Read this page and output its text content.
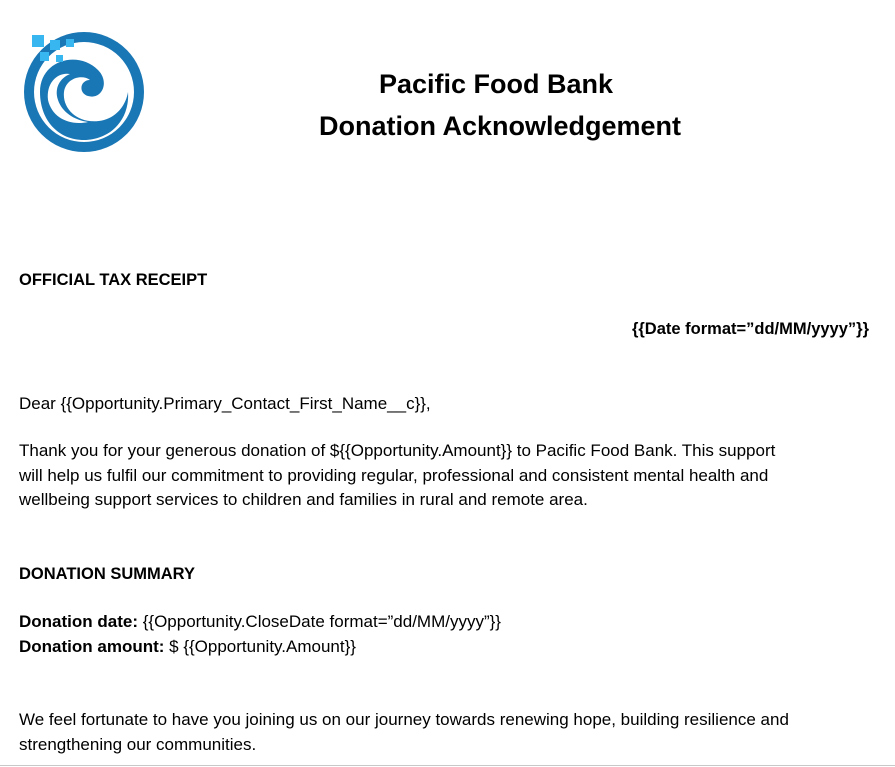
Pacific Food Bank
Donation Acknowledgement
OFFICIAL TAX RECEIPT
{{Date format=”dd/MM/yyyy”}}
Dear {{Opportunity.Primary_Contact_First_Name__c}},
Thank you for your generous donation of ${{Opportunity.Amount}} to Pacific Food Bank. This support
will help us fulfil our commitment to providing regular, professional and consistent mental health and
wellbeing support services to children and families in rural and remote area.
DONATION SUMMARY
Donation date: {{Opportunity.CloseDate format=”dd/MM/yyyy”}}
Donation amount: $ {{Opportunity.Amount}}
We feel fortunate to have you joining us on our journey towards renewing hope, building resilience and
strengthening our communities.
